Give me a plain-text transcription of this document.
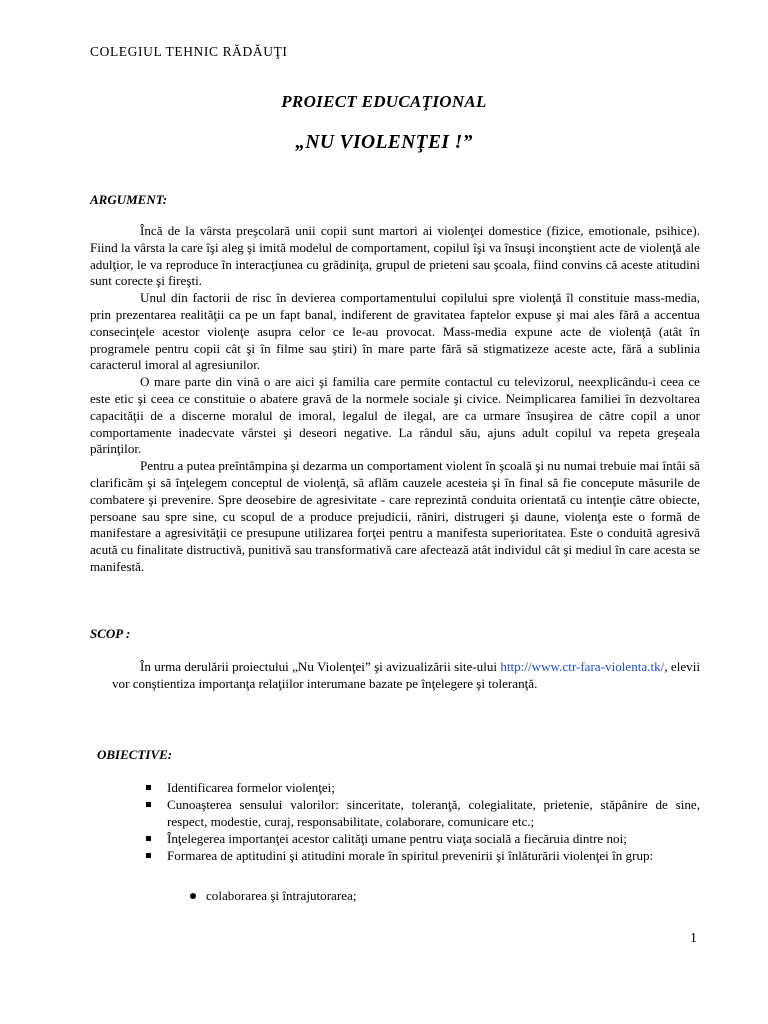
COLEGIUL TEHNIC RĂDĂUŢI
PROIECT EDUCAŢIONAL
„NU VIOLENŢEI !”
ARGUMENT:

Încă de la vârsta preşcolară unii copii sunt martori ai violenţei domestice (fizice, emotionale, psihice). Fiind la vârsta la care îşi aleg şi imită modelul de comportament, copilul îşi va însuşi inconştient acte de violenţă ale adulţior, le va reproduce în interacţiunea cu grădiniţa, grupul de prieteni sau şcoala, fiind convins că aceste atitudini sunt corecte şi fireşti.

Unul din factorii de risc în devierea comportamentului copilului spre violenţă îl constituie mass-media, prin prezentarea realităţii ca pe un fapt banal, indiferent de gravitatea faptelor expuse şi mai ales fără a accentua consecinţele acestor violenţe asupra celor ce le-au provocat. Mass-media expune acte de violenţă (atât în programele pentru copii cât şi în filme sau ştiri) în mare parte fără să stigmatizeze aceste acte, fără a sublinia caracterul imoral al agresiunilor.

O mare parte din vină o are aici şi familia care permite contactul cu televizorul, neexplicându-i ceea ce este etic şi ceea ce constituie o abatere gravă de la normele sociale şi civice. Neimplicarea familiei în dezvoltarea capacităţii de a discerne moralul de imoral, legalul de ilegal, are ca urmare însuşirea de către copil a unor comportamente inadecvate vârstei şi deseori negative. La rândul său, ajuns adult copilul va repeta greşeala părinţilor.

Pentru a putea preîntâmpina şi dezarma un comportament violent în şcoală şi nu numai trebuie mai întâi să clarificăm şi să înţelegem conceptul de violenţă, să aflăm cauzele acesteia şi în final să fie concepute măsurile de combatere şi prevenire. Spre deosebire de agresivitate - care reprezintă conduita orientată cu intenţie către obiecte, persoane sau spre sine, cu scopul de a produce prejudicii, răniri, distrugeri şi daune, violenţa este o formă de manifestare a agresivităţii ce presupune utilizarea forţei pentru a manifesta superioritatea. Este o conduită agresivă acută cu finalitate distructivă, punitivă sau transformativă care afectează atât individul cât şi mediul în care acesta se manifestă.

SCOP :

În urma derulării proiectului „Nu Violenţei” şi avizualizării site-ului http://www.ctr-fara-violenta.tk/, elevii vor conştientiza importanţa relaţiilor interumane bazate pe înţelegere şi toleranţă.

OBIECTIVE:
Identificarea formelor violenţei;
Cunoaşterea sensului valorilor: sinceritate, toleranţă, colegialitate, prietenie, stăpânire de sine, respect, modestie, curaj, responsabilitate, colaborare, comunicare etc.;
Înţelegerea importanţei acestor calităţi umane pentru viaţa socială a fiecăruia dintre noi;
Formarea de aptitudini şi atitudini morale în spiritul prevenirii şi înlăturării violenţei în grup:
colaborarea şi întrajutorarea;
1
